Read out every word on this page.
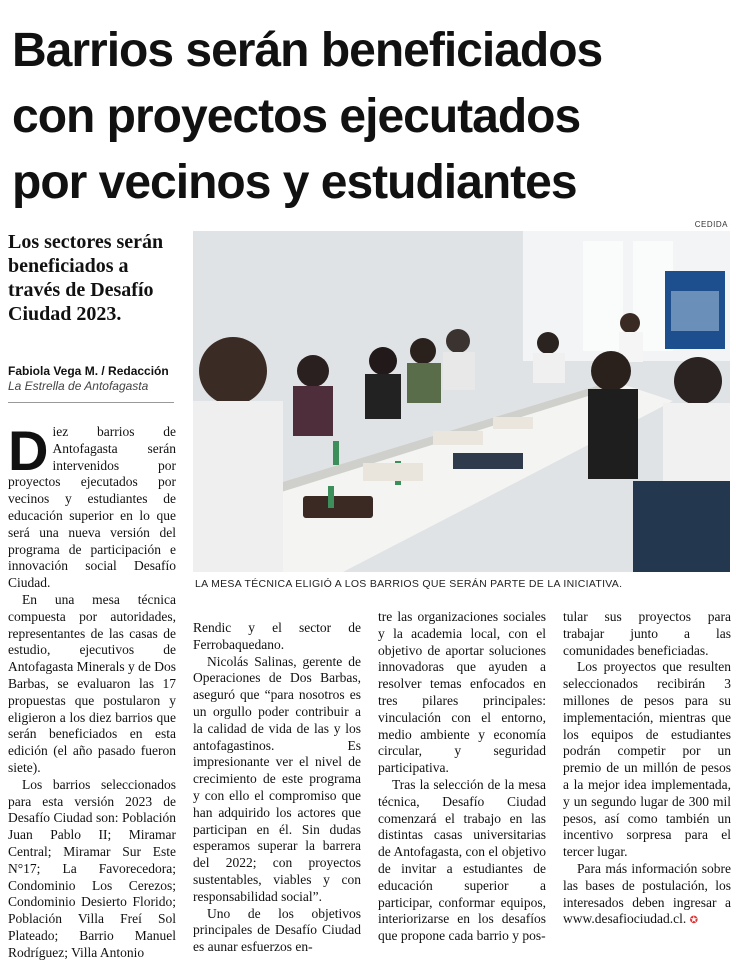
Barrios serán beneficiados
con proyectos ejecutados
por vecinos y estudiantes
Los sectores serán beneficiados a través de Desafío Ciudad 2023.
Fabiola Vega M. / Redacción
La Estrella de Antofagasta
CEDIDA
LA MESA TÉCNICA ELIGIÓ A LOS BARRIOS QUE SERÁN PARTE DE LA INICIATIVA.

Diez barrios de Antofagasta serán intervenidos por proyectos ejecutados por vecinos y estudiantes de educación superior en lo que será una nueva versión del programa de participación e innovación social Desafío Ciudad.

En una mesa técnica compuesta por autoridades, representantes de las casas de estudio, ejecutivos de Antofagasta Minerals y de Dos Barbas, se evaluaron las 17 propuestas que postularon y eligieron a los diez barrios que serán beneficiados en esta edición (el año pasado fueron siete).

Los barrios seleccionados para esta versión 2023 de Desafío Ciudad son: Población Juan Pablo II; Miramar Central; Miramar Sur Este N°17; La Favorecedora; Condominio Los Cerezos; Condominio Desierto Florido; Población Villa Freí Sol Plateado; Barrio Manuel Rodríguez; Villa Antonio

Rendic y el sector de Ferrobaquedano.

Nicolás Salinas, gerente de Operaciones de Dos Barbas, aseguró que “para nosotros es un orgullo poder contribuir a la calidad de vida de las y los antofagastinos. Es impresionante ver el nivel de crecimiento de este programa y con ello el compromiso que han adquirido los actores que participan en él. Sin dudas esperamos superar la barrera del 2022; con proyectos sustentables, viables y con responsabilidad social”.

Uno de los objetivos principales de Desafío Ciudad es aunar esfuerzos en-

tre las organizaciones sociales y la academia local, con el objetivo de aportar soluciones innovadoras que ayuden a resolver temas enfocados en tres pilares principales: vinculación con el entorno, medio ambiente y economía circular, y seguridad participativa.

Tras la selección de la mesa técnica, Desafío Ciudad comenzará el trabajo en las distintas casas universitarias de Antofagasta, con el objetivo de invitar a estudiantes de educación superior a participar, conformar equipos, interiorizarse en los desafíos que propone cada barrio y pos-

tular sus proyectos para trabajar junto a las comunidades beneficiadas.

Los proyectos que resulten seleccionados recibirán 3 millones de pesos para su implementación, mientras que los equipos de estudiantes podrán competir por un premio de un millón de pesos a la mejor idea implementada, y un segundo lugar de 300 mil pesos, así como también un incentivo sorpresa para el tercer lugar.

Para más información sobre las bases de postulación, los interesados deben ingresar a www.desafiociudad.cl. ✪
